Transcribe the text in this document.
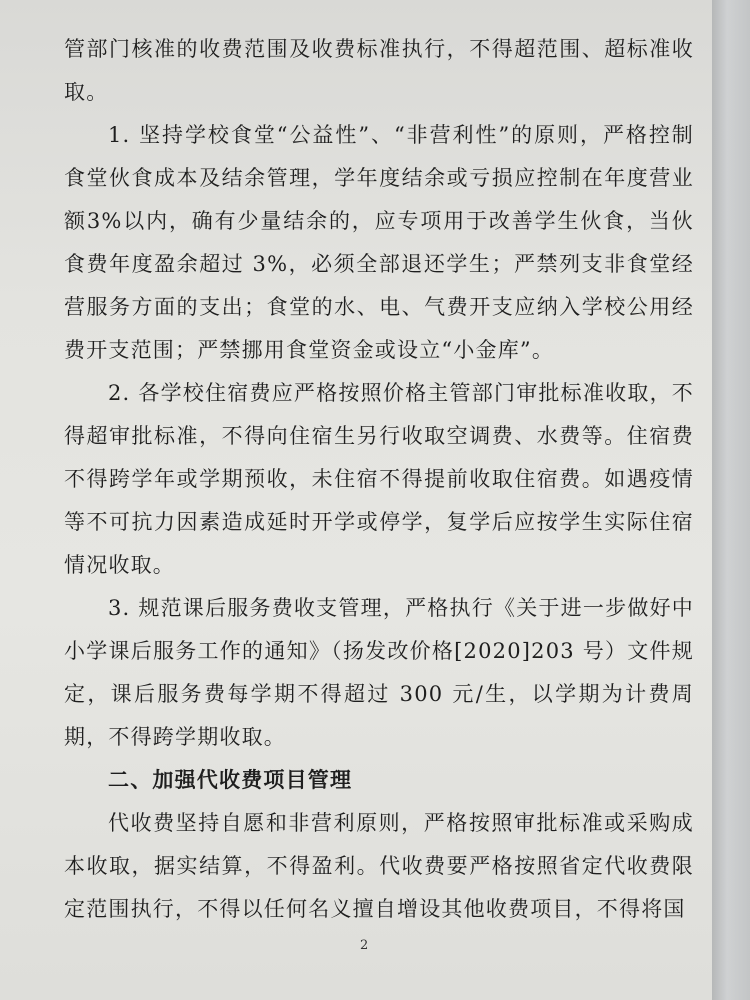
管部门核准的收费范围及收费标准执行，不得超范围、超标准收取。

1. 坚持学校食堂“公益性”、“非营利性”的原则，严格控制食堂伙食成本及结余管理，学年度结余或亏损应控制在年度营业额3%以内，确有少量结余的，应专项用于改善学生伙食，当伙食费年度盈余超过 3%，必须全部退还学生；严禁列支非食堂经营服务方面的支出；食堂的水、电、气费开支应纳入学校公用经费开支范围；严禁挪用食堂资金或设立“小金库”。

2. 各学校住宿费应严格按照价格主管部门审批标准收取，不得超审批标准，不得向住宿生另行收取空调费、水费等。住宿费不得跨学年或学期预收，未住宿不得提前收取住宿费。如遇疫情等不可抗力因素造成延时开学或停学，复学后应按学生实际住宿情况收取。

3. 规范课后服务费收支管理，严格执行《关于进一步做好中小学课后服务工作的通知》（扬发改价格[2020]203 号）文件规定，课后服务费每学期不得超过 300 元/生，以学期为计费周期，不得跨学期收取。

二、加强代收费项目管理

代收费坚持自愿和非营利原则，严格按照审批标准或采购成本收取，据实结算，不得盈利。代收费要严格按照省定代收费限定范围执行，不得以任何名义擅自增设其他收费项目，不得将国

2
